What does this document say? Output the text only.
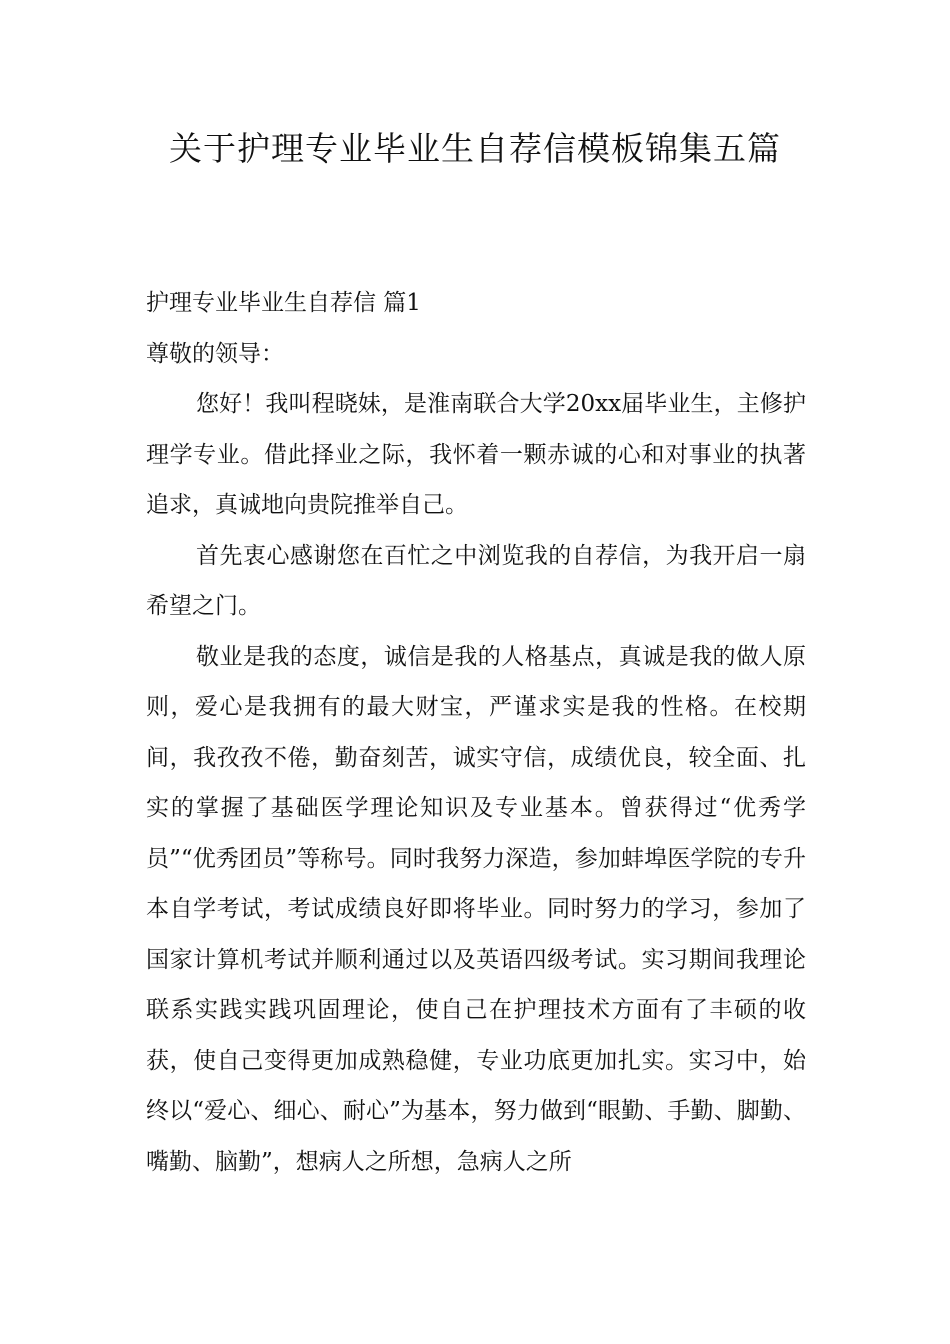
关于护理专业毕业生自荐信模板锦集五篇

护理专业毕业生自荐信 篇1

尊敬的领导：

您好！我叫程晓妹，是淮南联合大学20xx届毕业生，主修护理学专业。借此择业之际，我怀着一颗赤诚的心和对事业的执著追求，真诚地向贵院推举自己。

首先衷心感谢您在百忙之中浏览我的自荐信，为我开启一扇希望之门。

敬业是我的态度，诚信是我的人格基点，真诚是我的做人原则，爱心是我拥有的最大财宝，严谨求实是我的性格。在校期间，我孜孜不倦，勤奋刻苦，诚实守信，成绩优良，较全面、扎实的掌握了基础医学理论知识及专业基本。曾获得过“优秀学员”“优秀团员”等称号。同时我努力深造，参加蚌埠医学院的专升本自学考试，考试成绩良好即将毕业。同时努力的学习，参加了国家计算机考试并顺利通过以及英语四级考试。实习期间我理论联系实践实践巩固理论，使自己在护理技术方面有了丰硕的收获，使自己变得更加成熟稳健，专业功底更加扎实。实习中，始终以“爱心、细心、耐心”为基本，努力做到“眼勤、手勤、脚勤、嘴勤、脑勤”，想病人之所想，急病人之所
